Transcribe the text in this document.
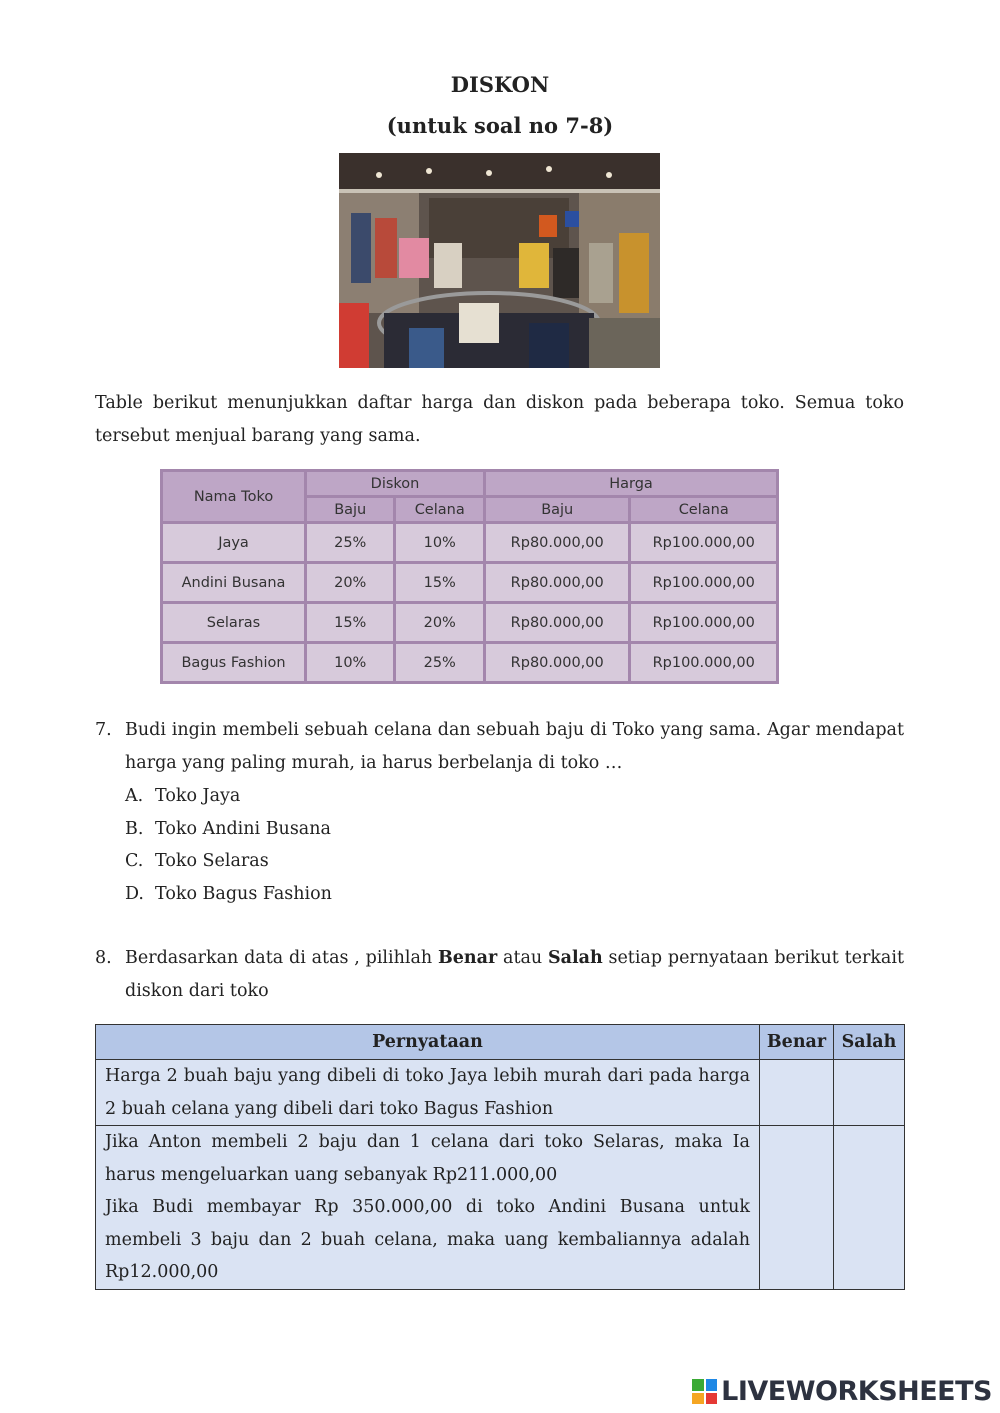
DISKON
(untuk soal no 7-8)
Table berikut menunjukkan daftar harga dan diskon pada beberapa toko. Semua toko tersebut menjual barang yang sama.
Nama Toko	Diskon		Harga	
	Baju	Celana	Baju	Celana
Jaya	25%	10%	Rp80.000,00	Rp100.000,00
Andini Busana	20%	15%	Rp80.000,00	Rp100.000,00
Selaras	15%	20%	Rp80.000,00	Rp100.000,00
Bagus Fashion	10%	25%	Rp80.000,00	Rp100.000,00
7. Budi ingin membeli sebuah celana dan sebuah baju di Toko yang sama. Agar mendapat harga yang paling murah, ia harus berbelanja di toko …
A. Toko Jaya
B. Toko Andini Busana
C. Toko Selaras
D. Toko Bagus Fashion
8. Berdasarkan data di atas , pilihlah Benar atau Salah setiap pernyataan berikut terkait diskon dari toko
Pernyataan	Benar	Salah
Harga 2 buah baju yang dibeli di toko Jaya lebih murah dari pada harga 2 buah celana yang dibeli dari toko Bagus Fashion		

Jika Anton membeli 2 baju dan 1 celana dari toko Selaras, maka Ia harus mengeluarkan uang sebanyak Rp211.000,00
Jika Budi membayar Rp 350.000,00 di toko Andini Busana untuk membeli 3 baju dan 2 buah celana, maka uang kembaliannya adalah Rp12.000,00		

LIVEWORKSHEETS
